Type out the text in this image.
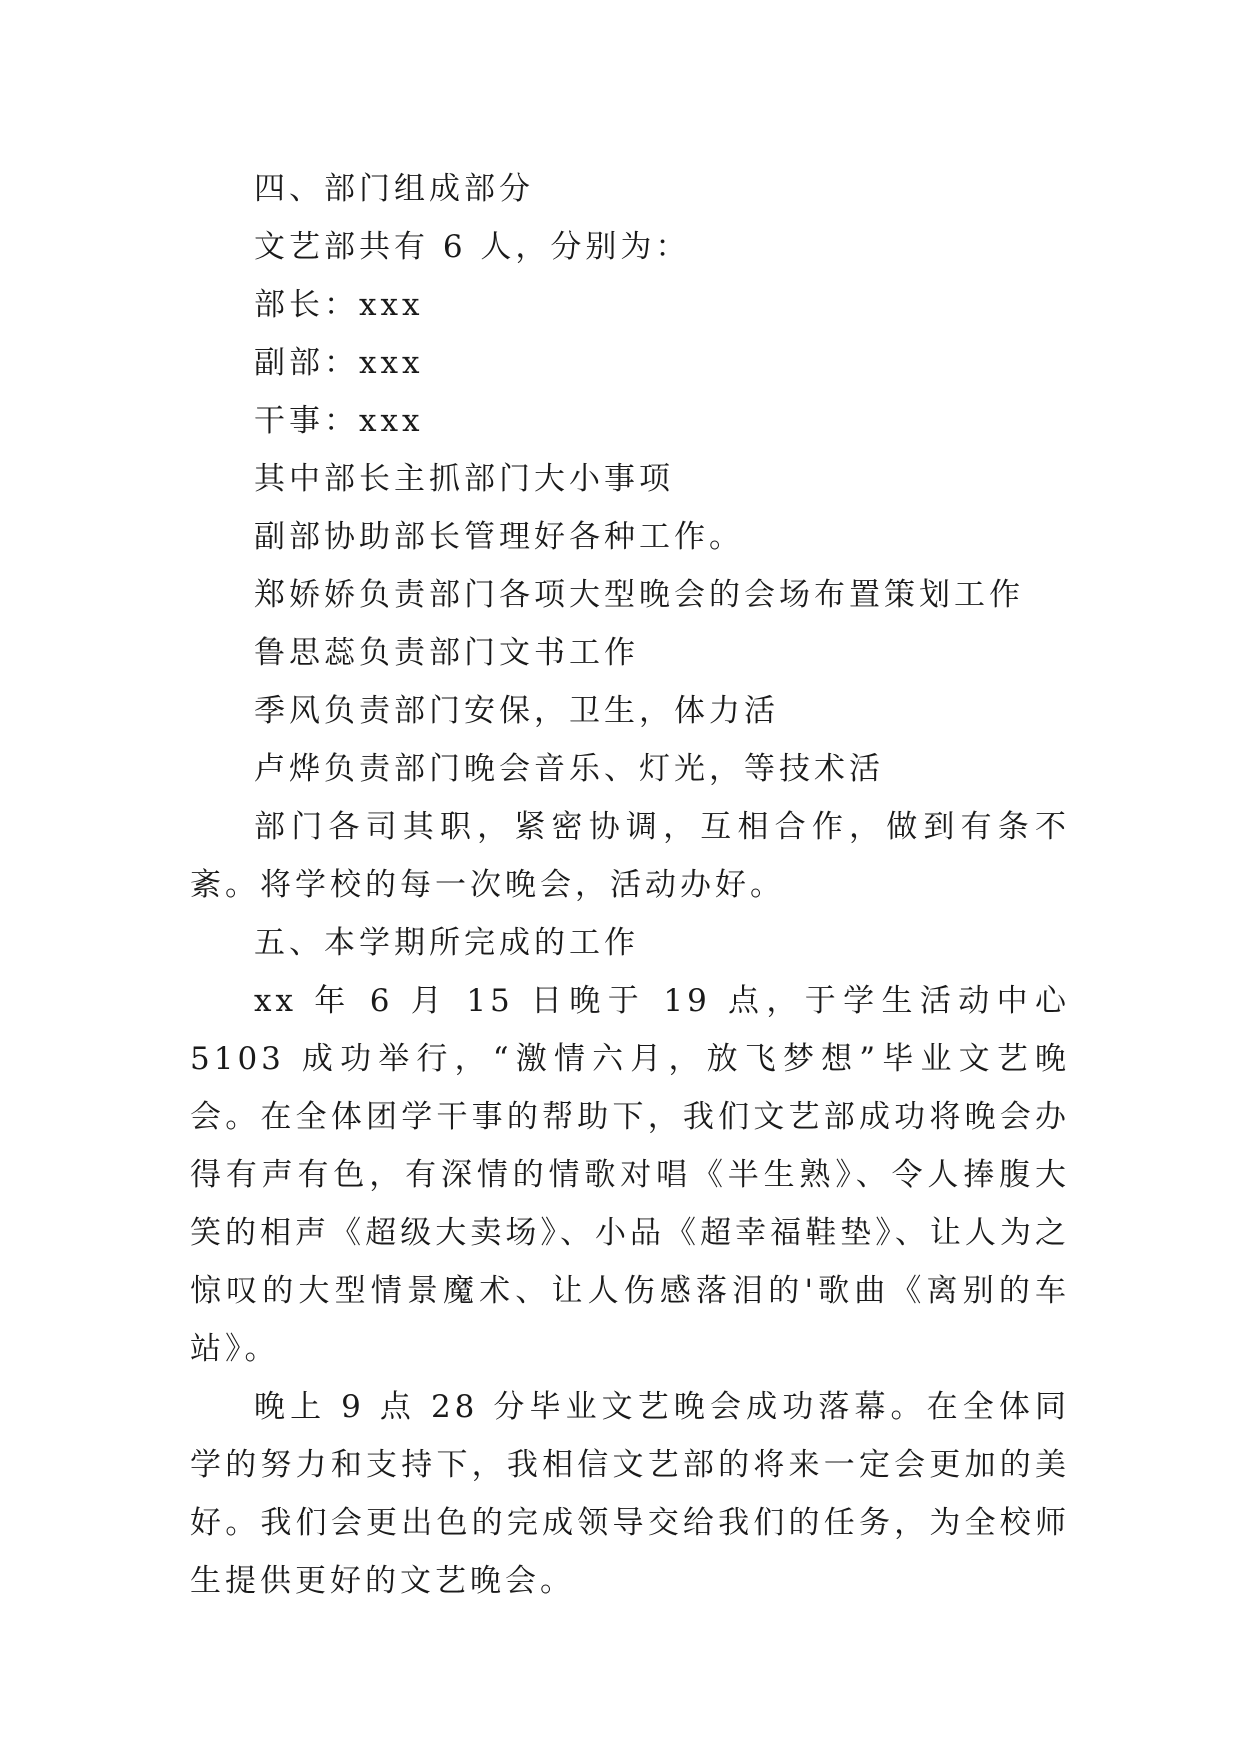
四、部门组成部分
文艺部共有 6 人，分别为：
部长：xxx
副部：xxx
干事：xxx
其中部长主抓部门大小事项
副部协助部长管理好各种工作。
郑娇娇负责部门各项大型晚会的会场布置策划工作
鲁思蕊负责部门文书工作
季风负责部门安保，卫生，体力活
卢烨负责部门晚会音乐、灯光，等技术活
部门各司其职，紧密协调，互相合作，做到有条不紊。将学校的每一次晚会，活动办好。
五、本学期所完成的工作
xx 年 6 月 15 日晚于 19 点，于学生活动中心 5103 成功举行，“激情六月，放飞梦想”毕业文艺晚会。在全体团学干事的帮助下，我们文艺部成功将晚会办得有声有色，有深情的情歌对唱《半生熟》、令人捧腹大笑的相声《超级大卖场》、小品《超幸福鞋垫》、让人为之惊叹的大型情景魔术、让人伤感落泪的'歌曲《离别的车站》。
晚上 9 点 28 分毕业文艺晚会成功落幕。在全体同学的努力和支持下，我相信文艺部的将来一定会更加的美好。我们会更出色的完成领导交给我们的任务，为全校师生提供更好的文艺晚会。
